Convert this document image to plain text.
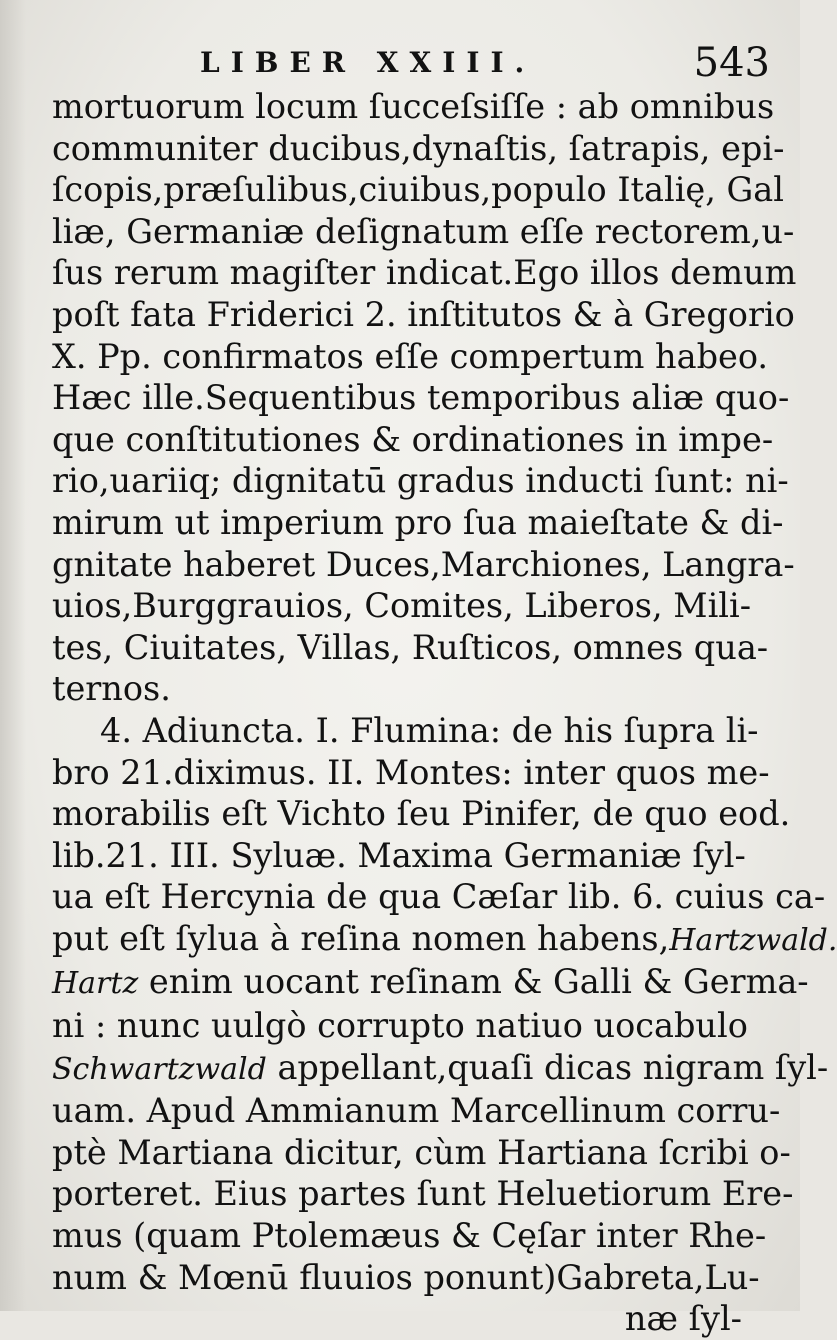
LIBER XXIII.	543
mortuorum locum ſucceſsiſſe : ab omnibus
communiter ducibus,dynaſtis, ſatrapis, epi-
ſcopis,præſulibus,ciuibus,populo Italię, Gal
liæ, Germaniæ deſignatum eſſe rectorem,u-
ſus rerum magiſter indicat.Ego illos demum
poſt fata Friderici 2. inſtitutos & à Gregorio
X. Pp. confirmatos eſſe compertum habeo.
Hæc ille.Sequentibus temporibus aliæ quo-
que conſtitutiones & ordinationes in impe-
rio,uariiq; dignitatū gradus inducti ſunt: ni-
mirum ut imperium pro ſua maieſtate & di-
gnitate haberet Duces,Marchiones, Langra-
uios,Burggrauios, Comites, Liberos, Mili-
tes, Ciuitates, Villas, Ruſticos, omnes qua-
ternos.
4. Adiuncta. I. Flumina: de his ſupra li-
bro 21.diximus. II. Montes: inter quos me-
morabilis eſt Vichto ſeu Pinifer, de quo eod.
lib.21. III. Syluæ. Maxima Germaniæ ſyl-
ua eſt Hercynia de qua Cæſar lib. 6. cuius ca-
put eſt ſylua à reſina nomen habens,Hartzwald.
Hartz enim uocant reſinam & Galli & Germa-
ni : nunc uulgò corrupto natiuo uocabulo
Schwartzwald appellant,quaſi dicas nigram ſyl-
uam. Apud Ammianum Marcellinum corru-
ptè Martiana dicitur, cùm Hartiana ſcribi o-
porteret. Eius partes ſunt Heluetiorum Ere-
mus (quam Ptolemæus & Cęſar inter Rhe-
num & Mœnū fluuios ponunt)Gabreta,Lu-
næ ſyl-
